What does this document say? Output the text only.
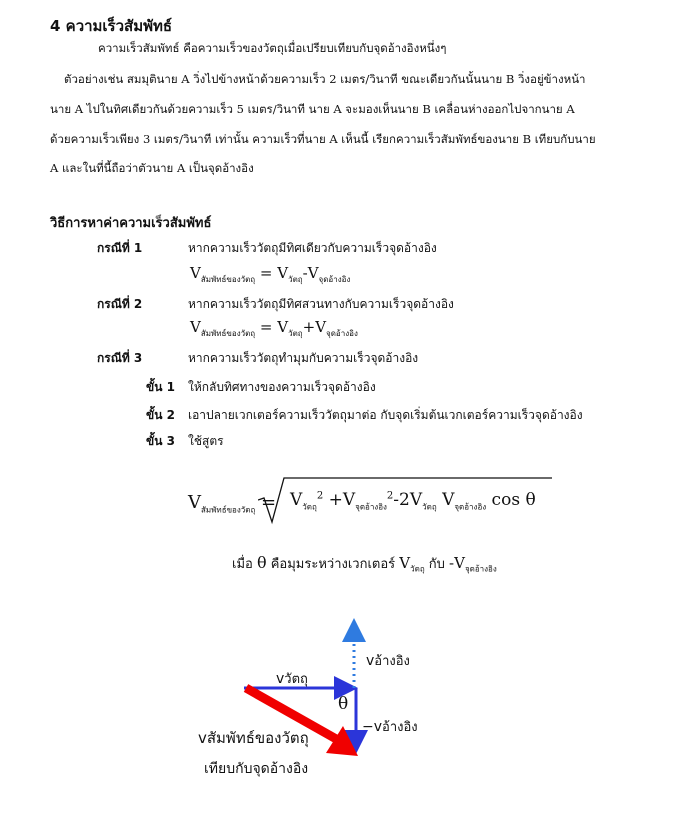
4 ความเร็วสัมพัทธ์
ความเร็วสัมพัทธ์ คือความเร็วของวัตถุเมื่อเปรียบเทียบกับจุดอ้างอิงหนึ่งๆ
ตัวอย่างเช่น สมมุตินาย A วิ่งไปข้างหน้าด้วยความเร็ว 2 เมตร/วินาที ขณะเดียวกันนั้นนาย B วิ่งอยู่ข้างหน้า
นาย A ไปในทิศเดียวกันด้วยความเร็ว 5 เมตร/วินาที นาย A จะมองเห็นนาย B เคลื่อนห่างออกไปจากนาย A
ด้วยความเร็วเพียง 3 เมตร/วินาที เท่านั้น ความเร็วที่นาย A เห็นนี้ เรียกความเร็วสัมพัทธ์ของนาย B เทียบกับนาย
A และในที่นี้ถือว่าตัวนาย A เป็นจุดอ้างอิง
วิธีการหาค่าความเร็วสัมพัทธ์
กรณีที่ 1	หากความเร็ววัตถุมีทิศเดียวกับความเร็วจุดอ้างอิง
$V_{สัมพัทธ์ของวัตถุ} = V_{วัตถุ}-V_{จุดอ้างอิง}$
กรณีที่ 2	หากความเร็ววัตถุมีทิศสวนทางกับความเร็วจุดอ้างอิง
$V_{สัมพัทธ์ของวัตถุ} = V_{วัตถุ}+V_{จุดอ้างอิง}$
กรณีที่ 3	หากความเร็ววัตถุทำมุมกับความเร็วจุดอ้างอิง
ขั้น 1 ให้กลับทิศทางของความเร็วจุดอ้างอิง
ขั้น 2 เอาปลายเวกเตอร์ความเร็ววัตถุมาต่อ กับจุดเริ่มต้นเวกเตอร์ความเร็วจุดอ้างอิง
ขั้น 3 ใช้สูตร
$V_{สัมพัทธ์ของวัตถุ} = V_{วัตถุ}^2 +V_{จุดอ้างอิง}^2-2V_{วัตถุ}$ $V_{จุดอ้างอิง}$ cos θ
เมื่อ θ คือมุมระหว่างเวกเตอร์ $V_{วัตถุ}$ กับ $-V_{จุดอ้างอิง}$
vวัตถุ
vอ้างอิง
−vอ้างอิง
θ
vสัมพัทธ์ของวัตถุ
เทียบกับจุดอ้างอิง
